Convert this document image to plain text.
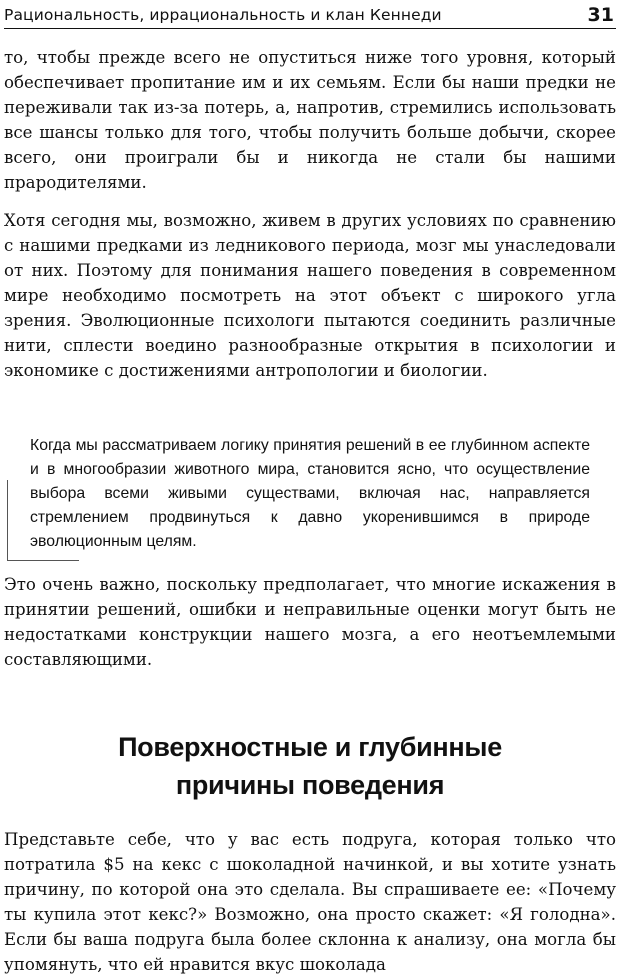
Рациональность, иррациональность и клан Кеннеди	31

то, чтобы прежде всего не опуститься ниже того уровня, который обеспечивает пропитание им и их семьям. Если бы наши предки не переживали так из-за потерь, а, напротив, стремились использовать все шансы только для того, чтобы получить больше добычи, скорее всего, они проиграли бы и никогда не стали бы нашими прародителями.

Хотя сегодня мы, возможно, живем в других условиях по сравнению с нашими предками из ледникового периода, мозг мы унаследовали от них. Поэтому для понимания нашего поведения в современном мире необходимо посмотреть на этот объект с широкого угла зрения. Эволюционные психологи пытаются соединить различные нити, сплести воедино разнообразные открытия в психологии и экономике с достижениями антропологии и биологии.

Когда мы рассматриваем логику принятия решений в ее глубинном аспекте и в многообразии животного мира, становится ясно, что осуществление выбора всеми живыми существами, включая нас, направляется стремлением продвинуться к давно укоренившимся в природе эволюционным целям.

Это очень важно, поскольку предполагает, что многие искажения в принятии решений, ошибки и неправильные оценки могут быть не недостатками конструкции нашего мозга, а его неотъемлемыми составляющими.

Поверхностные и глубинные
причины поведения

Представьте себе, что у вас есть подруга, которая только что потратила $5 на кекс с шоколадной начинкой, и вы хотите узнать причину, по которой она это сделала. Вы спрашиваете ее: «Почему ты купила этот кекс?» Возможно, она просто скажет: «Я голодна». Если бы ваша подруга была более склонна к анализу, она могла бы упомянуть, что ей нравится вкус шоколада
